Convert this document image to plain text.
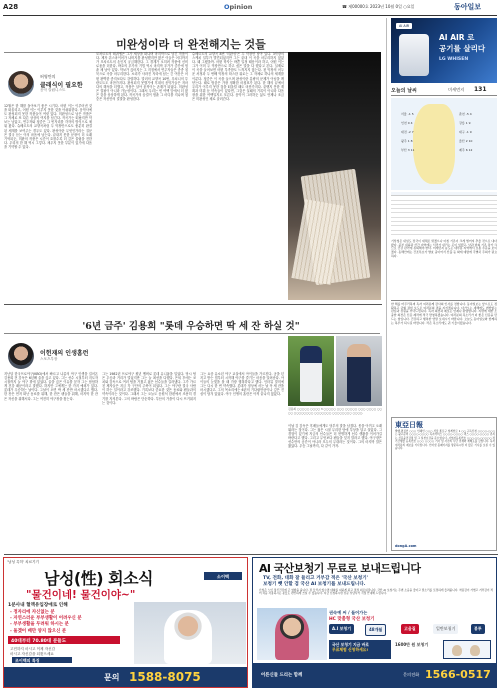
A28	Opinion	☎ 제00000호 2023년 10월 0일 ○요일	동아일보
미완성이라 더 완전해지는 것들
허영만의
클래식이 필요한
음악 칼럼니스트
12월은 한 해를 돌아보기 좋은 시기다. 어떤 이는 이루어낸 것을 떠올리고, 어떤 이는 이루지 못한 것을 아쉬워한다. 음악사에도 완성되지 못한 작품들이 여럿 있다. 미완성으로 남은 작품은 그 자체로 또 다른 상상의 여지를 남긴다. 작곡가는 떠났지만 악보는 남았고, 연주자와 청중은 그 빈자리를 각자의 방식으로 채워 왔다. 슈베르트의 교향곡처럼 두 악장만으로도 충분히 완결된 세계를 보여주는 경우도 있다. 완성이란 무엇인가라는 질문은 결국 듣는 이의 마음에 남는다. 끝내지 못한 문장이 더 오래 기억되듯, 미완의 작품은 시간이 흐를수록 더 깊은 울림을 전한다. 우리의 한 해 역시 그렇다. 채우지 못한 부분이 있기에 다음을 기약할 수 있다.
모차르트의 레퀴엠은 그가 세상을 떠나며 마지막으로 남긴 작품이다. 제자 쥐스마이어가 나머지를 완성했지만 많은 이들은 어디까지가 모차르트의 손인지 궁금해한다. 그 경계가 오히려 작품에 신비로움을 더한다. 바흐의 푸가의 기법 역시 마지막 푸가가 중간에 멈춘 채 남아 있다. 악보가 끊어지는 그 지점에서 연주자들은 종종 침묵으로 곡을 마무리한다. 소리가 사라진 자리에 남는 긴 여운은 어떤 완벽한 종지보다도 강렬하다. 말러의 교향곡 10번, 푸치니의 투란도트도 마찬가지다. 완성되지 못했기에 후대의 음악가들은 저마다의 해석을 더했고, 작품은 살아 움직이는 존재가 되었다. 미완성은 결핍이 아니라 가능성이다. 그래서 우리는 빈 여백 앞에서 더 많은 것을 상상하게 된다. 작곡가의 숨결이 멈춘 그 마디를 지나며 청중은 자신만의 결말을 완성한다.
슈베르트의 교향곡 8번 '미완성'은 두 악장만 남아 있다. 3악장의 스케치 일부가 발견되었지만 그는 끝내 이 곡을 마무리하지 않았다. 왜 그랬을까. 어떤 학자는 바쁜 일정 때문이라 하고, 어떤 이는 그가 이미 두 악장만으로 하고 싶은 말을 다 했다고 본다. 실제로 이 곡을 들어보면 어떤 부족함도 느껴지지 않는다. 첫 악장의 어두운 서정과 두 번째 악장의 따스한 위로는 그 자체로 하나의 세계를 이룬다. 청중은 이 곡을 들으며 완성이란 분량의 문제가 아님을 깨닫는다. 때로 멈춤은 가장 정확한 마침표가 된다. 한 해의 끝에서 우리가 이루지 못한 것을 떠올릴 때도 마찬가지다. 끝맺지 못한 계획과 미뤄 둔 약속들이 있다면, 그것은 실패의 기록이 아니라 다음 장을 위한 여백일지도 모른다. 음악이 그러하듯 삶도 언제나 조금은 미완성인 채로 흘러간다.
'6년 금주' 김용희 "롯데 우승하면 딱 세 잔 하실 것"
이헌재의 인생홈런
스포츠부장
지난달 한국프로야구(KBO)에서 빠르고 나름의 야구 인생을 걸어온 김용희 전 감독은 6년째 술을 끊고 있다. 그는 선수 시절부터 지도자 시절까지 늘 야구 곁에 있었다. 술을 끊은 이유를 묻자 그는 담담하게 건강 때문이라고 말했다. 하지만 그에게는 한 가지 예외가 있다. 롯데가 우승하는 날이다. 그날이 오면 딱 세 잔만 마시겠다고 했다. 한 잔은 먼저 떠난 동료를 위해, 한 잔은 팬들을 위해, 마지막 한 잔은 자신을 위해서다. 그는 여전히 야구장을 찾는다.
그는 1982년 프로야구 원년 멤버로 롯데 유니폼을 입었다. 당시 팀은 우승과 거리가 멀었지만 그는 늘 최선을 다했다. 은퇴 후에는 코치와 감독으로 여러 팀을 거쳤고 젊은 선수들을 길러냈다. 그가 가르친 제자들은 지금 각 구단의 주축이 되었다. 그는 야구란 결국 사람이 하는 일이라고 강조했다. 기록보다 중요한 것은 동료와 팬들과의 약속이라는 것이다. 그래서 그는 오늘도 응원석 한편에서 조용히 경기를 지켜본다. 그의 바람은 단순하다. 부산의 가을이 다시 뜨거워지는 것이다.
그는 요즘 유소년 야구 교실에서 아이들을 가르친다. 공을 던지고 받는 법부터 시작해 야구를 즐기는 마음을 알려준다. 아이들의 눈빛을 볼 때 가장 행복하다고 했다. 인터뷰 말미에 그는 다시 한 번 약속했다. 롯데가 정상에 서는 날 꼭 세 잔을 마시겠다고. 그의 목소리에는 6년의 기다림만큼이나 깊은 진심이 담겨 있었다. 야구 인생의 홈런은 아직 끝나지 않았다.
김용희 ○○○○○ ○○○○ 3 ○○○○○ ○○○ ○○○○○ ○○○ ○○○○ ○○○○ ○○○○○○○○ ○○○○○○○ ○○○○○○○○ ○○○○.
이날 김 감독은 후배들에게도 당부의 말을 남겼다. 몸을 아끼고 오래 뛰라는 것이다. 그는 젊은 시절 무리한 탓에 부상을 달고 살았다. 그 경험이 있기에 지금의 선수들은 더 현명하게 선수 생활을 이어가길 바란다고 했다. 그리고 무엇보다 팬들을 잊지 말라고 했다. 야구장은 선수만의 공간이 아니라 모두의 무대라는 것이다. 그의 마지막 말은 짧았다. 우승 그날까지, 다 같이 가자.
AI AIR
AI AIR 로
공기를 살리다
LG WHISEN
오늘의 날씨	미세먼지 131
서울 -1 5
인천 0 4
대전 -2 7
광주 1 8
부산 3 11
춘천 -5 4
강릉 1 9
대구 -1 9
울산 2 10
제주 6 12
기상청은 내일도 전국이 대체로 맑겠으나 아침 기온이 크게 떨어져 추울 것으로 내다봤다. 중부 내륙과 산간 지역에는 서리가 내리는 곳이 있겠고, 낮과 밤의 기온 차가 크므로 건강 관리에 유의해야 한다. 미세먼지 농도는 대부분 지역에서 보통 수준을 보이겠다. 동해안에는 건조특보가 발효 중이어서 산불 등 화재 예방에 각별히 주의가 필요하다.
한 해를 마무리하며 독자 여러분께 감사의 인사를 전합니다. 동아일보는 앞으로도 정확하고 균형 잡힌 보도로 여러분의 곁을 지키겠습니다. 다가오는 새해에도 변함없는 관심과 성원을 부탁드립니다. 독자 의견과 제보는 언제나 환영합니다. 지면에 대한 소중한 의견은 신문 제작에 적극 반영하겠습니다. 여러분의 목소리가 더 좋은 신문을 만드는 힘입니다. 건강하고 행복한 연말 보내시기 바랍니다. 오늘도 동아일보와 함께하는 하루가 되시길 바랍니다. 작은 목소리에도 귀 기울이겠습니다.
東亞日報
발행·편집인 ○○○ 인쇄인 ○○○ 서울 종로구 청계천로 1 ○○ 구독신청 ○○○○-○○○○ 광고문의 ○○○○-○○○○ 독자서비스 ○○○○-○○○○ 팩스 ○○○○-○○○○ 본지는 신문윤리강령 및 그 실천요강을 준수합니다. 사업자등록번호 ○○○-○○-○○○○○ 정기간행물 등록번호 ○○○ ○○○○ 기사 및 사진의 무단 전재와 재배포를 금합니다. 독자 여러분의 제보를 기다립니다. 인터넷 홈페이지를 방문하시면 더 많은 기사를 보실 수 있습니다.
dongA.com
'남성 특허' 치료기기
남성(性) 회소식
"물건이네! 물건이야~"
1분사내 혈액유입장애로 인해
- 정자리에 자신없는 분
- 자연스러운 부부생활이 어려우신 분
- 부부생활을 두려워 하시는 분
- 돌겠어 배만 양지 않으신 분
40대부터 70.80대 분들도
고민하지 마시고 이제 자신감
마시고 자신감을 되찾으세요
조이맥의 특징
소이맥
문의 1588-8075
AI 국산보청기 무료로 보내드립니다
TV, 전화, 대화 잘 들리고 거부감 적은 '국산 보청기'
보청기 뺏 안할 겸 국산 AI 보청기를 보내드립니다.
난청은 노인 정신건강에 큰 영향을 줍니다. 잘 들리지 않으면 대화를 피하게 되고 점점 외로워집니다. 국산 AI 보청기는 주변 소음을 줄이고 말소리를 또렷하게 들려줍니다. 착용감이 가볍고 거부감이 적어 처음 사용하시는 분들도 편안하게 쓰실 수 있습니다. 지금 신청하시면 전문 상담사가 직접 안내해 드립니다.
권숙예 씨 / 들어가는
HC 맞춤형 국산 보청기
A.I 보청기	48개월	고음질	일반보청기	봉투
국산 보청기 지금 바로
무료체험 신청하세요!
1600만 원 보청기
어른신들 드리는 함께	문의전화 1566-0517
